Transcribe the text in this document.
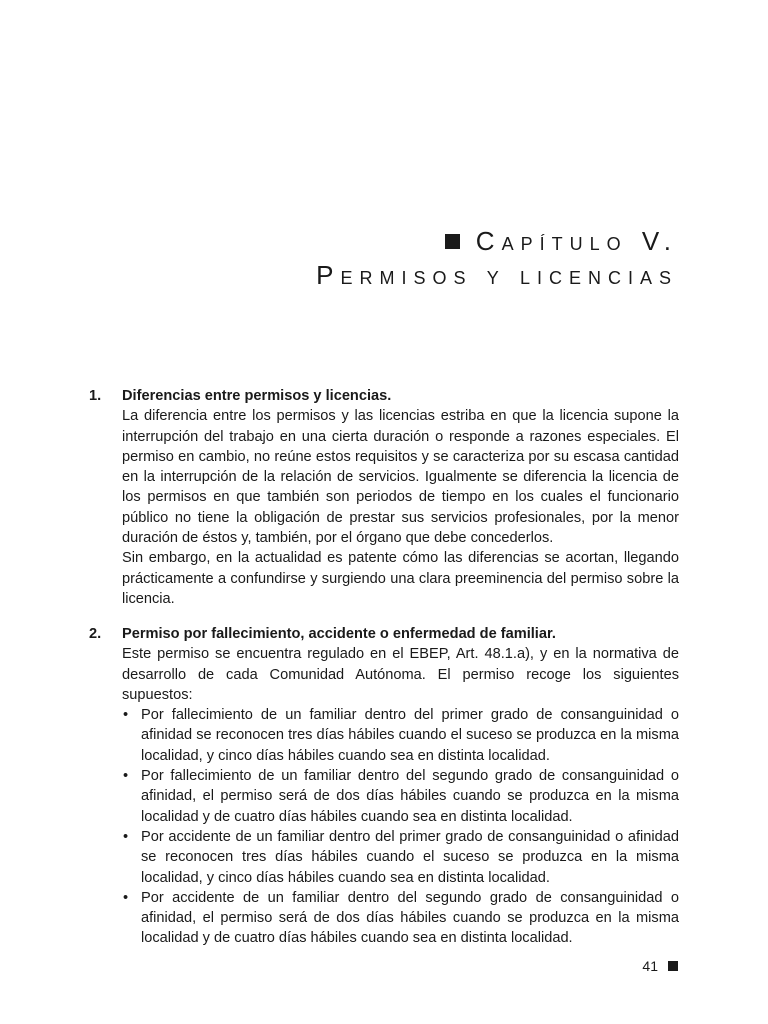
Capítulo V.
Permisos y licencias
1. Diferencias entre permisos y licencias.

La diferencia entre los permisos y las licencias estriba en que la licencia supone la interrupción del trabajo en una cierta duración o responde a razones especiales. El permiso en cambio, no reúne estos requisitos y se caracteriza por su escasa cantidad en la interrupción de la relación de servicios. Igualmente se diferencia la licencia de los permisos en que también son periodos de tiempo en los cuales el funcionario público no tiene la obligación de prestar sus servicios profesionales, por la menor duración de éstos y, también, por el órgano que debe concederlos.

Sin embargo, en la actualidad es patente cómo las diferencias se acortan, llegando prácticamente a confundirse y surgiendo una clara preeminencia del permiso sobre la licencia.

2. Permiso por fallecimiento, accidente o enfermedad de familiar.

Este permiso se encuentra regulado en el EBEP, Art. 48.1.a), y en la normativa de desarrollo de cada Comunidad Autónoma. El permiso recoge los siguientes supuestos:

• Por fallecimiento de un familiar dentro del primer grado de consanguinidad o afinidad se reconocen tres días hábiles cuando el suceso se produzca en la misma localidad, y cinco días hábiles cuando sea en distinta localidad.
• Por fallecimiento de un familiar dentro del segundo grado de consanguinidad o afinidad, el permiso será de dos días hábiles cuando se produzca en la misma localidad y de cuatro días hábiles cuando sea en distinta localidad.
• Por accidente de un familiar dentro del primer grado de consanguinidad o afinidad se reconocen tres días hábiles cuando el suceso se produzca en la misma localidad, y cinco días hábiles cuando sea en distinta localidad.
• Por accidente de un familiar dentro del segundo grado de consanguinidad o afinidad, el permiso será de dos días hábiles cuando se produzca en la misma localidad y de cuatro días hábiles cuando sea en distinta localidad.
41
